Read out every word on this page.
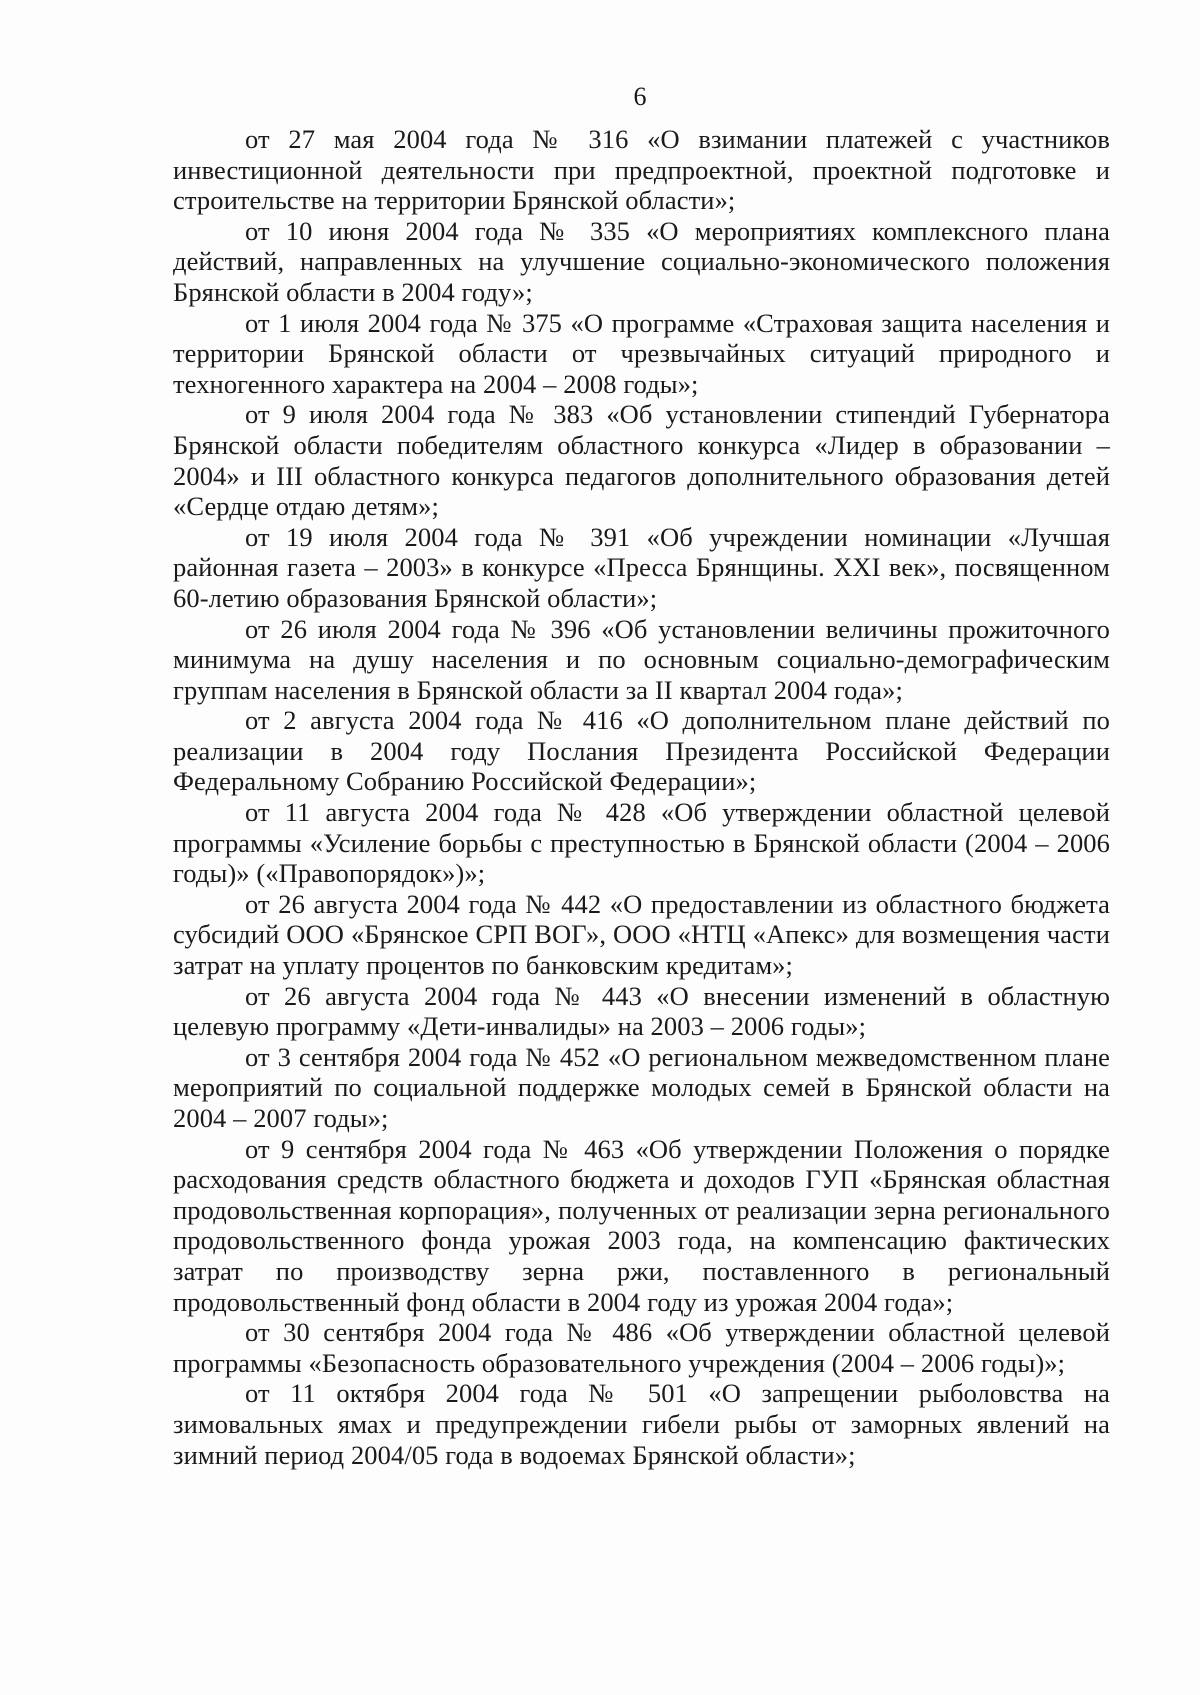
6

от 27 мая 2004 года № 316 «О взимании платежей с участников инвестиционной деятельности при предпроектной, проектной подготовке и строительстве на территории Брянской области»;

от 10 июня 2004 года № 335 «О мероприятиях комплексного плана действий, направленных на улучшение социально-экономического положения Брянской области в 2004 году»;

от 1 июля 2004 года № 375 «О программе «Страховая защита населения и территории Брянской области от чрезвычайных ситуаций природного и техногенного характера на 2004 – 2008 годы»;

от 9 июля 2004 года № 383 «Об установлении стипендий Губернатора Брянской области победителям областного конкурса «Лидер в образовании – 2004» и III областного конкурса педагогов дополнительного образования детей «Сердце отдаю детям»;

от 19 июля 2004 года № 391 «Об учреждении номинации «Лучшая районная газета – 2003» в конкурсе «Пресса Брянщины. XXI век», посвященном 60-летию образования Брянской области»;

от 26 июля 2004 года № 396 «Об установлении величины прожиточного минимума на душу населения и по основным социально-демографическим группам населения в Брянской области за II квартал 2004 года»;

от 2 августа 2004 года № 416 «О дополнительном плане действий по реализации в 2004 году Послания Президента Российской Федерации Федеральному Собранию Российской Федерации»;

от 11 августа 2004 года № 428 «Об утверждении областной целевой программы «Усиление борьбы с преступностью в Брянской области (2004 – 2006 годы)» («Правопорядок»)»;

от 26 августа 2004 года № 442 «О предоставлении из областного бюджета субсидий ООО «Брянское СРП ВОГ», ООО «НТЦ «Апекс» для возмещения части затрат на уплату процентов по банковским кредитам»;

от 26 августа 2004 года № 443 «О внесении изменений в областную целевую программу «Дети-инвалиды» на 2003 – 2006 годы»;

от 3 сентября 2004 года № 452 «О региональном межведомственном плане мероприятий по социальной поддержке молодых семей в Брянской области на 2004 – 2007 годы»;

от 9 сентября 2004 года № 463 «Об утверждении Положения о порядке расходования средств областного бюджета и доходов ГУП «Брянская областная продовольственная корпорация», полученных от реализации зерна регионального продовольственного фонда урожая 2003 года, на компенсацию фактических затрат по производству зерна ржи, поставленного в региональный продовольственный фонд области в 2004 году из урожая 2004 года»;

от 30 сентября 2004 года № 486 «Об утверждении областной целевой программы «Безопасность образовательного учреждения (2004 – 2006 годы)»;

от 11 октября 2004 года № 501 «О запрещении рыболовства на зимовальных ямах и предупреждении гибели рыбы от заморных явлений на зимний период 2004/05 года в водоемах Брянской области»;
